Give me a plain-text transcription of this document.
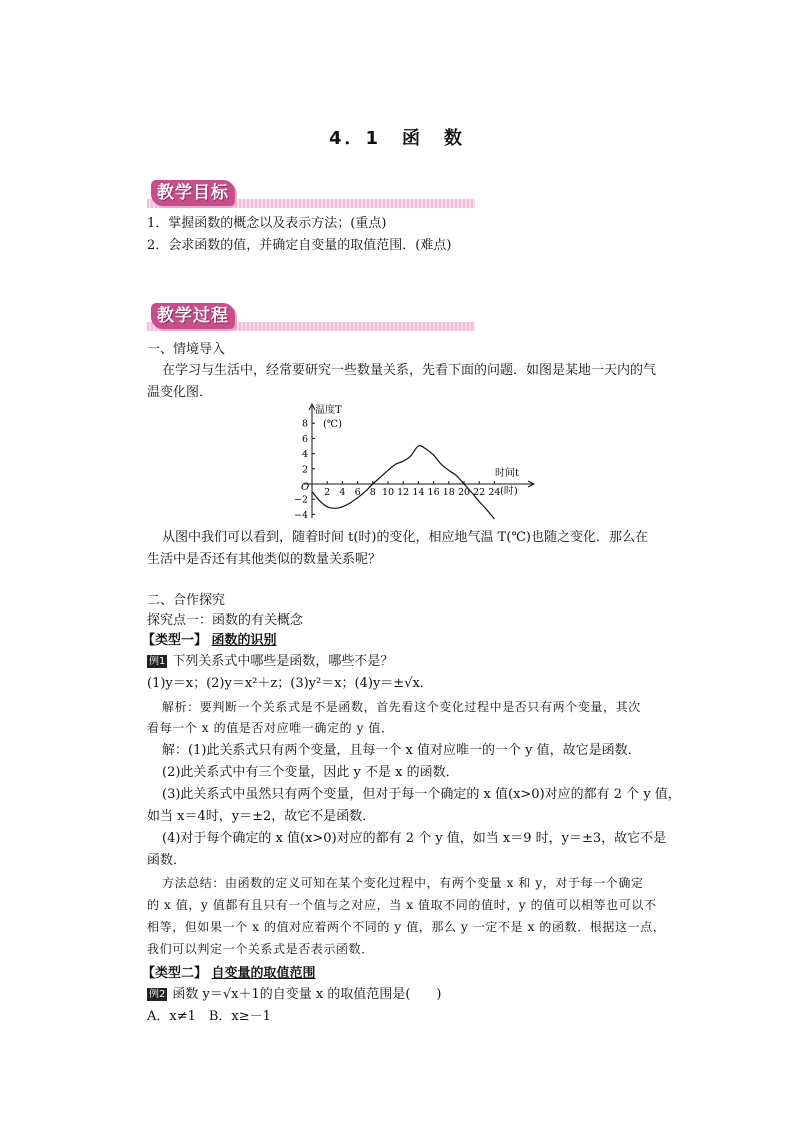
4．1　函　数
教学目标
1．掌握函数的概念以及表示方法；(重点)
2．会求函数的值，并确定自变量的取值范围．(难点)
教学过程
一、情境导入
在学习与生活中，经常要研究一些数量关系，先看下面的问题．如图是某地一天内的气
温变化图．
2 4 6 8 10 12 14 16 18 20 22 24
8
6
4
2
−2
−4
温度T
(℃)
时间t
(时)
O
从图中我们可以看到，随着时间 t(时)的变化，相应地气温 T(℃)也随之变化．那么在
生活中是否还有其他类似的数量关系呢？
二、合作探究
探究点一：函数的有关概念
【类型一】 函数的识别
例1 下列关系式中哪些是函数，哪些不是？
(1)y＝x；(2)y＝x²＋z；(3)y²＝x；(4)y＝±√x．
解析：要判断一个关系式是不是函数，首先看这个变化过程中是否只有两个变量，其次
看每一个 x 的值是否对应唯一确定的 y 值．
解：(1)此关系式只有两个变量，且每一个 x 值对应唯一的一个 y 值，故它是函数．
(2)此关系式中有三个变量，因此 y 不是 x 的函数．
(3)此关系式中虽然只有两个变量，但对于每一个确定的 x 值(x>0)对应的都有 2 个 y 值，
如当 x＝4时，y＝±2，故它不是函数．
(4)对于每个确定的 x 值(x>0)对应的都有 2 个 y 值，如当 x＝9 时，y＝±3，故它不是
函数．
方法总结：由函数的定义可知在某个变化过程中，有两个变量 x 和 y，对于每一个确定
的 x 值，y 值都有且只有一个值与之对应，当 x 值取不同的值时，y 的值可以相等也可以不
相等，但如果一个 x 的值对应着两个不同的 y 值，那么 y 一定不是 x 的函数．根据这一点，
我们可以判定一个关系式是否表示函数．
【类型二】 自变量的取值范围
例2 函数 y＝√x＋1的自变量 x 的取值范围是(　　)
A．x≠1　B．x≥－1
